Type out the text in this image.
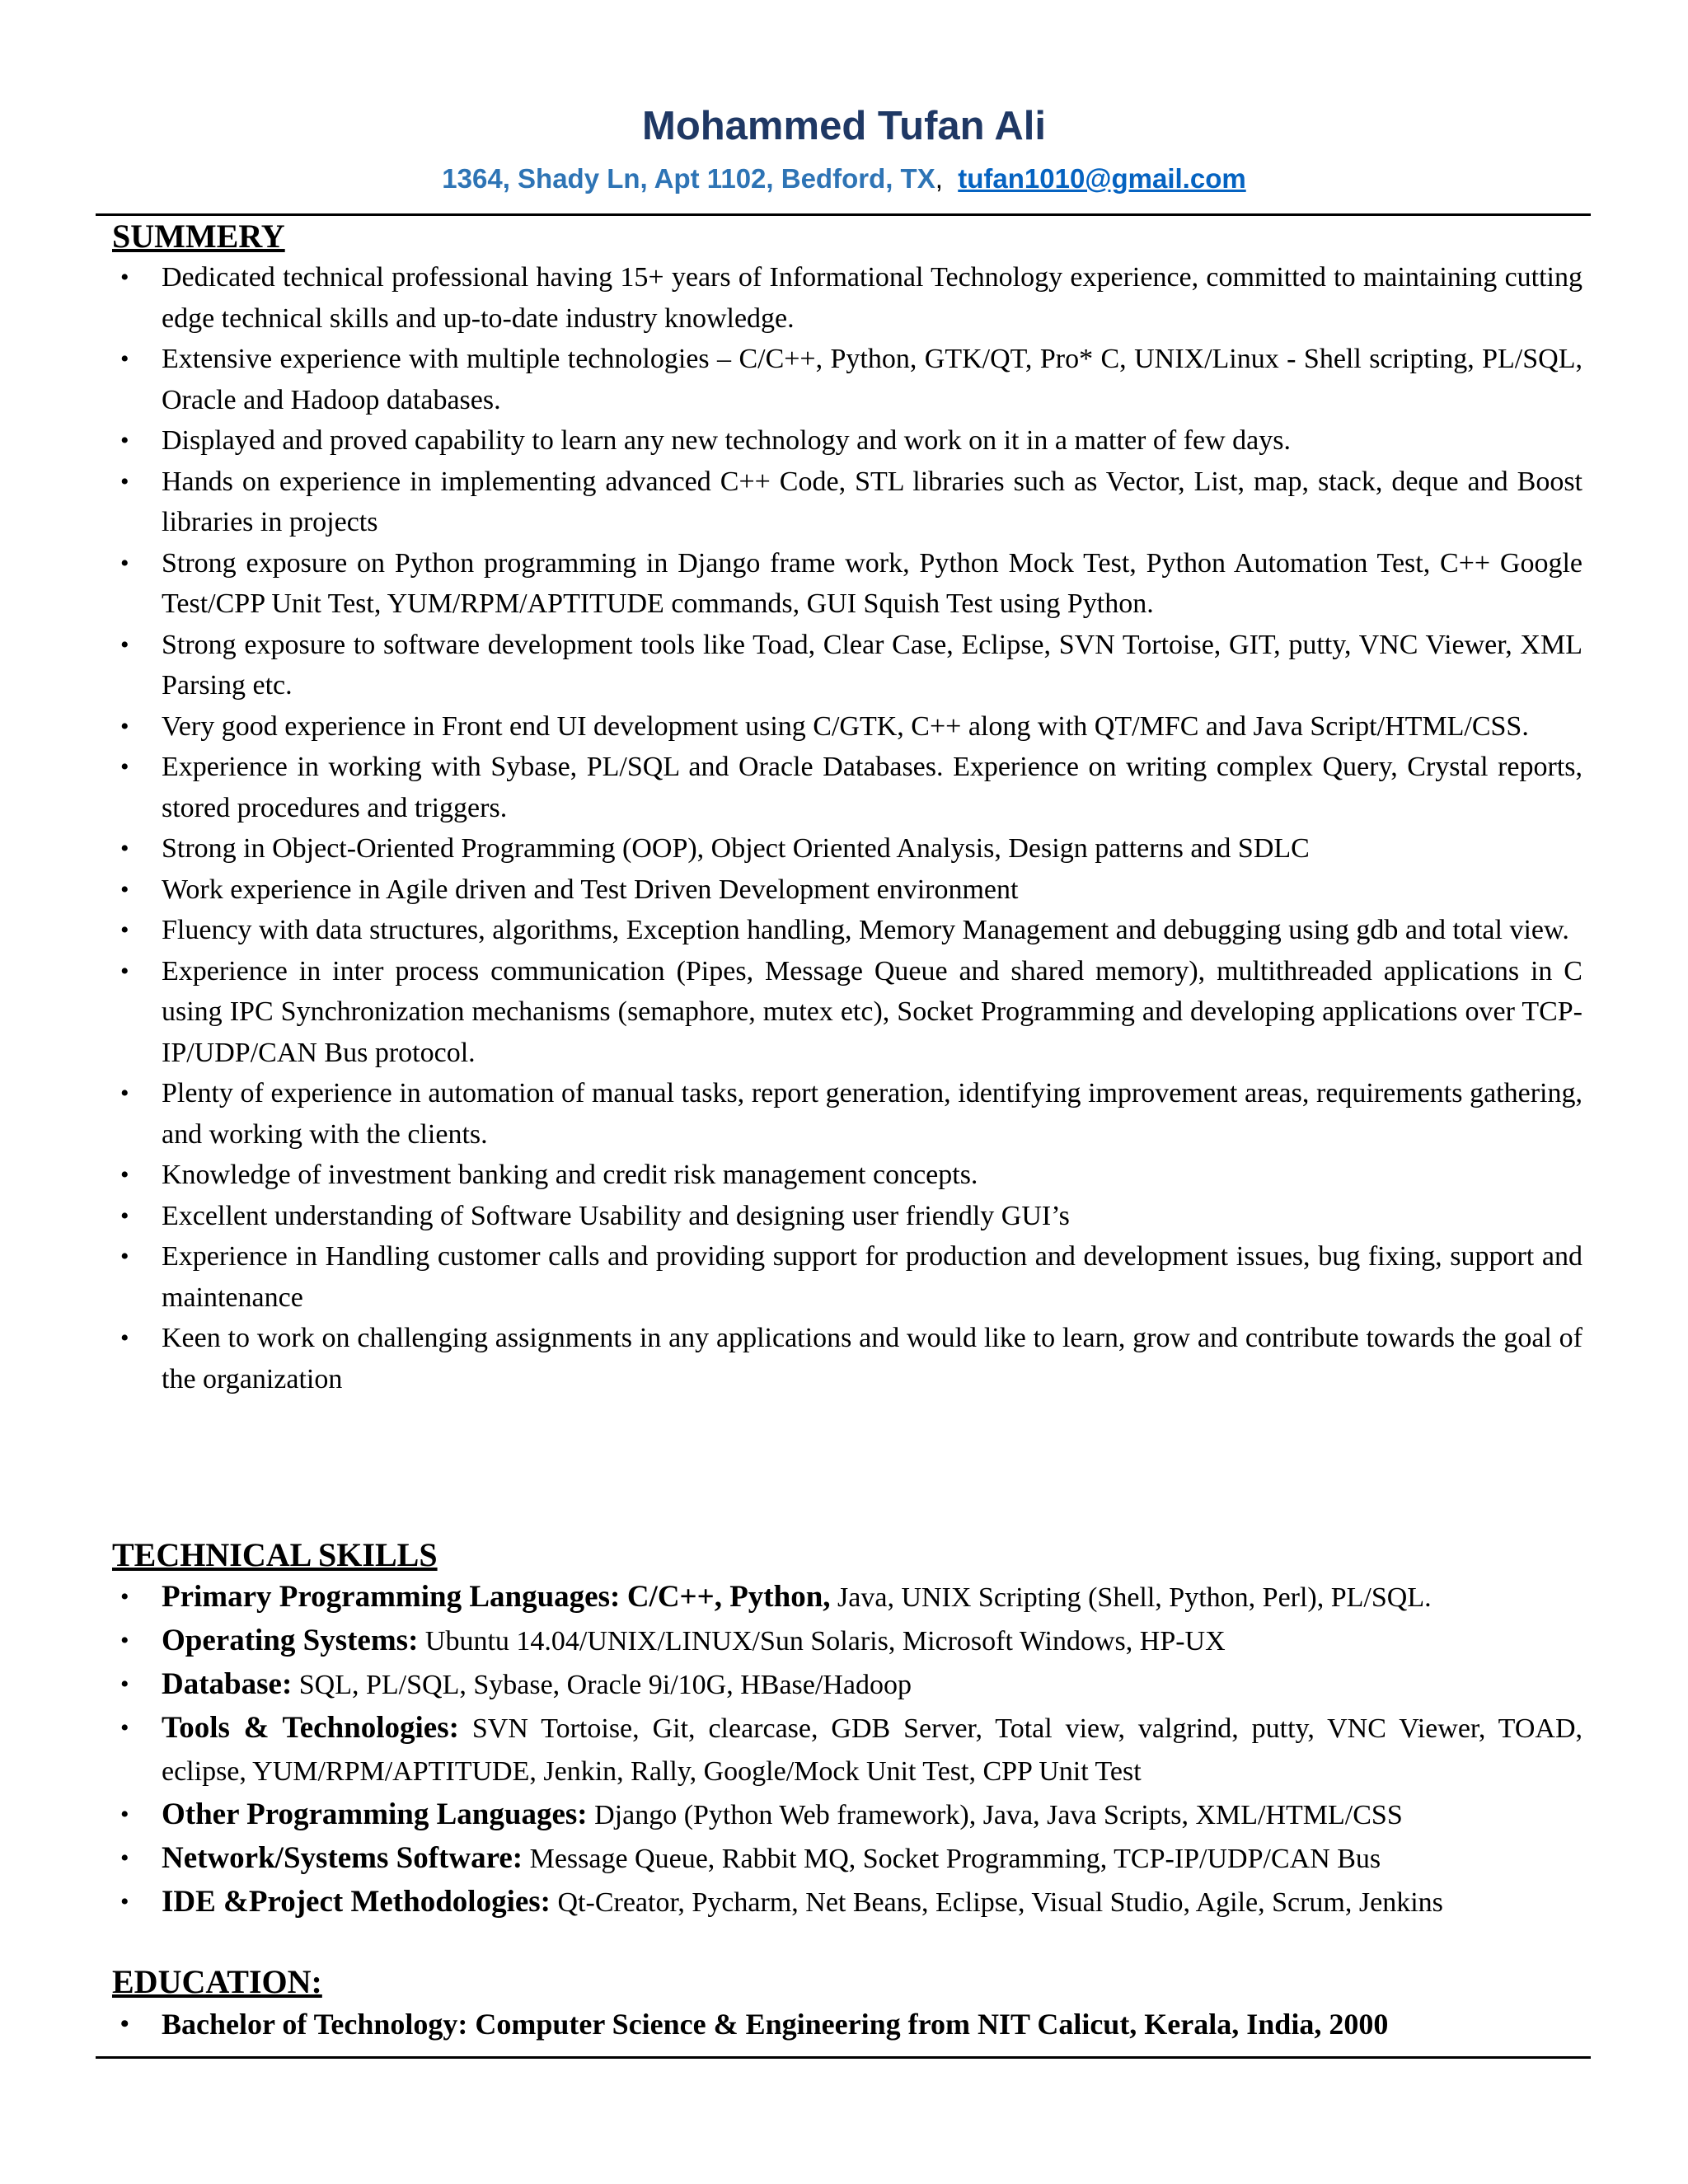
Mohammed Tufan Ali

1364, Shady Ln, Apt 1102, Bedford, TX, tufan1010@gmail.com

SUMMERY
• Dedicated technical professional having 15+ years of Informational Technology experience, committed to maintaining cutting edge technical skills and up-to-date industry knowledge.
• Extensive experience with multiple technologies – C/C++, Python, GTK/QT, Pro* C, UNIX/Linux - Shell scripting, PL/SQL, Oracle and Hadoop databases.
• Displayed and proved capability to learn any new technology and work on it in a matter of few days.
• Hands on experience in implementing advanced C++ Code, STL libraries such as Vector, List, map, stack, deque and Boost libraries in projects
• Strong exposure on Python programming in Django frame work, Python Mock Test, Python Automation Test, C++ Google Test/CPP Unit Test, YUM/RPM/APTITUDE commands, GUI Squish Test using Python.
• Strong exposure to software development tools like Toad, Clear Case, Eclipse, SVN Tortoise, GIT, putty, VNC Viewer, XML Parsing etc.
• Very good experience in Front end UI development using C/GTK, C++ along with QT/MFC and Java Script/HTML/CSS.
• Experience in working with Sybase, PL/SQL and Oracle Databases. Experience on writing complex Query, Crystal reports, stored procedures and triggers.
• Strong in Object-Oriented Programming (OOP), Object Oriented Analysis, Design patterns and SDLC
• Work experience in Agile driven and Test Driven Development environment
• Fluency with data structures, algorithms, Exception handling, Memory Management and debugging using gdb and total view.
• Experience in inter process communication (Pipes, Message Queue and shared memory), multithreaded applications in C using IPC Synchronization mechanisms (semaphore, mutex etc), Socket Programming and developing applications over TCP-IP/UDP/CAN Bus protocol.
• Plenty of experience in automation of manual tasks, report generation, identifying improvement areas, requirements gathering, and working with the clients.
• Knowledge of investment banking and credit risk management concepts.
• Excellent understanding of Software Usability and designing user friendly GUI’s
• Experience in Handling customer calls and providing support for production and development issues, bug fixing, support and maintenance
• Keen to work on challenging assignments in any applications and would like to learn, grow and contribute towards the goal of the organization
TECHNICAL SKILLS
• Primary Programming Languages: C/C++, Python, Java, UNIX Scripting (Shell, Python, Perl), PL/SQL.
• Operating Systems: Ubuntu 14.04/UNIX/LINUX/Sun Solaris, Microsoft Windows, HP-UX
• Database: SQL, PL/SQL, Sybase, Oracle 9i/10G, HBase/Hadoop
• Tools & Technologies: SVN Tortoise, Git, clearcase, GDB Server, Total view, valgrind, putty, VNC Viewer, TOAD, eclipse, YUM/RPM/APTITUDE, Jenkin, Rally, Google/Mock Unit Test, CPP Unit Test
• Other Programming Languages: Django (Python Web framework), Java, Java Scripts, XML/HTML/CSS
• Network/Systems Software: Message Queue, Rabbit MQ, Socket Programming, TCP-IP/UDP/CAN Bus
• IDE &Project Methodologies: Qt-Creator, Pycharm, Net Beans, Eclipse, Visual Studio, Agile, Scrum, Jenkins
EDUCATION:
• Bachelor of Technology: Computer Science & Engineering from NIT Calicut, Kerala, India, 2000
